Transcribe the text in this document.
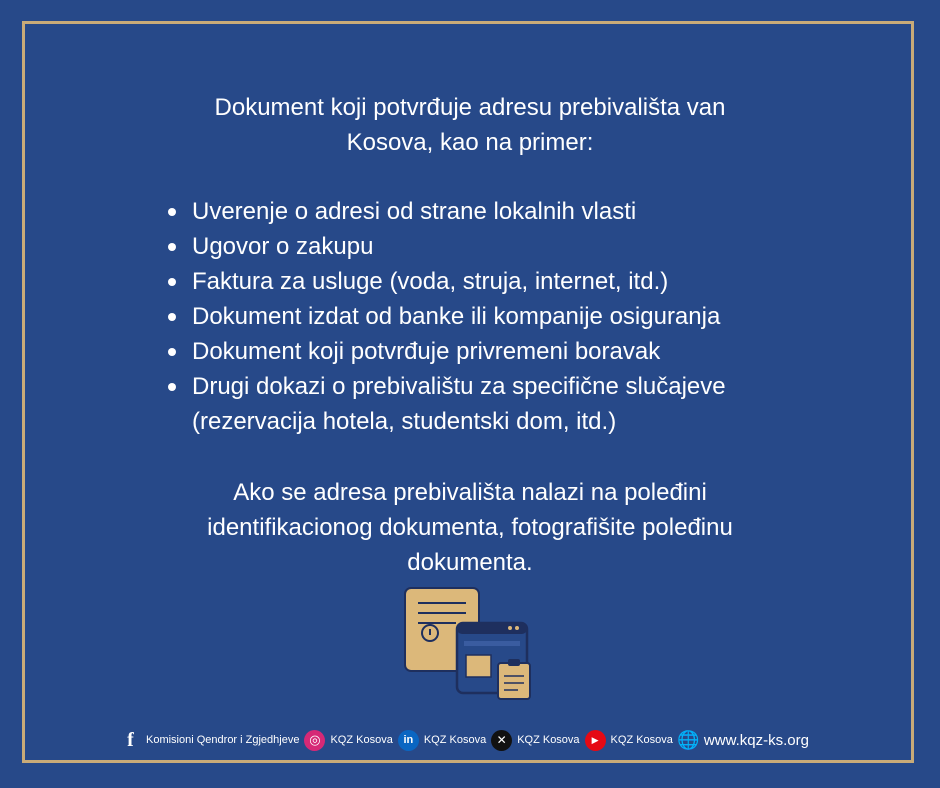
Dokument koji potvrđuje adresu prebivališta van
Kosova, kao na primer:
Uverenje o adresi od strane lokalnih vlasti
Ugovor o zakupu
Faktura za usluge (voda, struja, internet, itd.)
Dokument izdat od banke ili kompanije osiguranja
Dokument koji potvrđuje privremeni boravak
Drugi dokazi o prebivalištu za specifične slučajeve
(rezervacija hotela, studentski dom, itd.)
Ako se adresa prebivališta nalazi na poleđini
identifikacionog dokumenta, fotografišite poleđinu
dokumenta.
f	Komisioni Qendror i Zgjedhjeve ◎ KQZ Kosova in KQZ Kosova ✕ KQZ Kosova	▶	KQZ Kosova 🌐 www.kqz-ks.org
